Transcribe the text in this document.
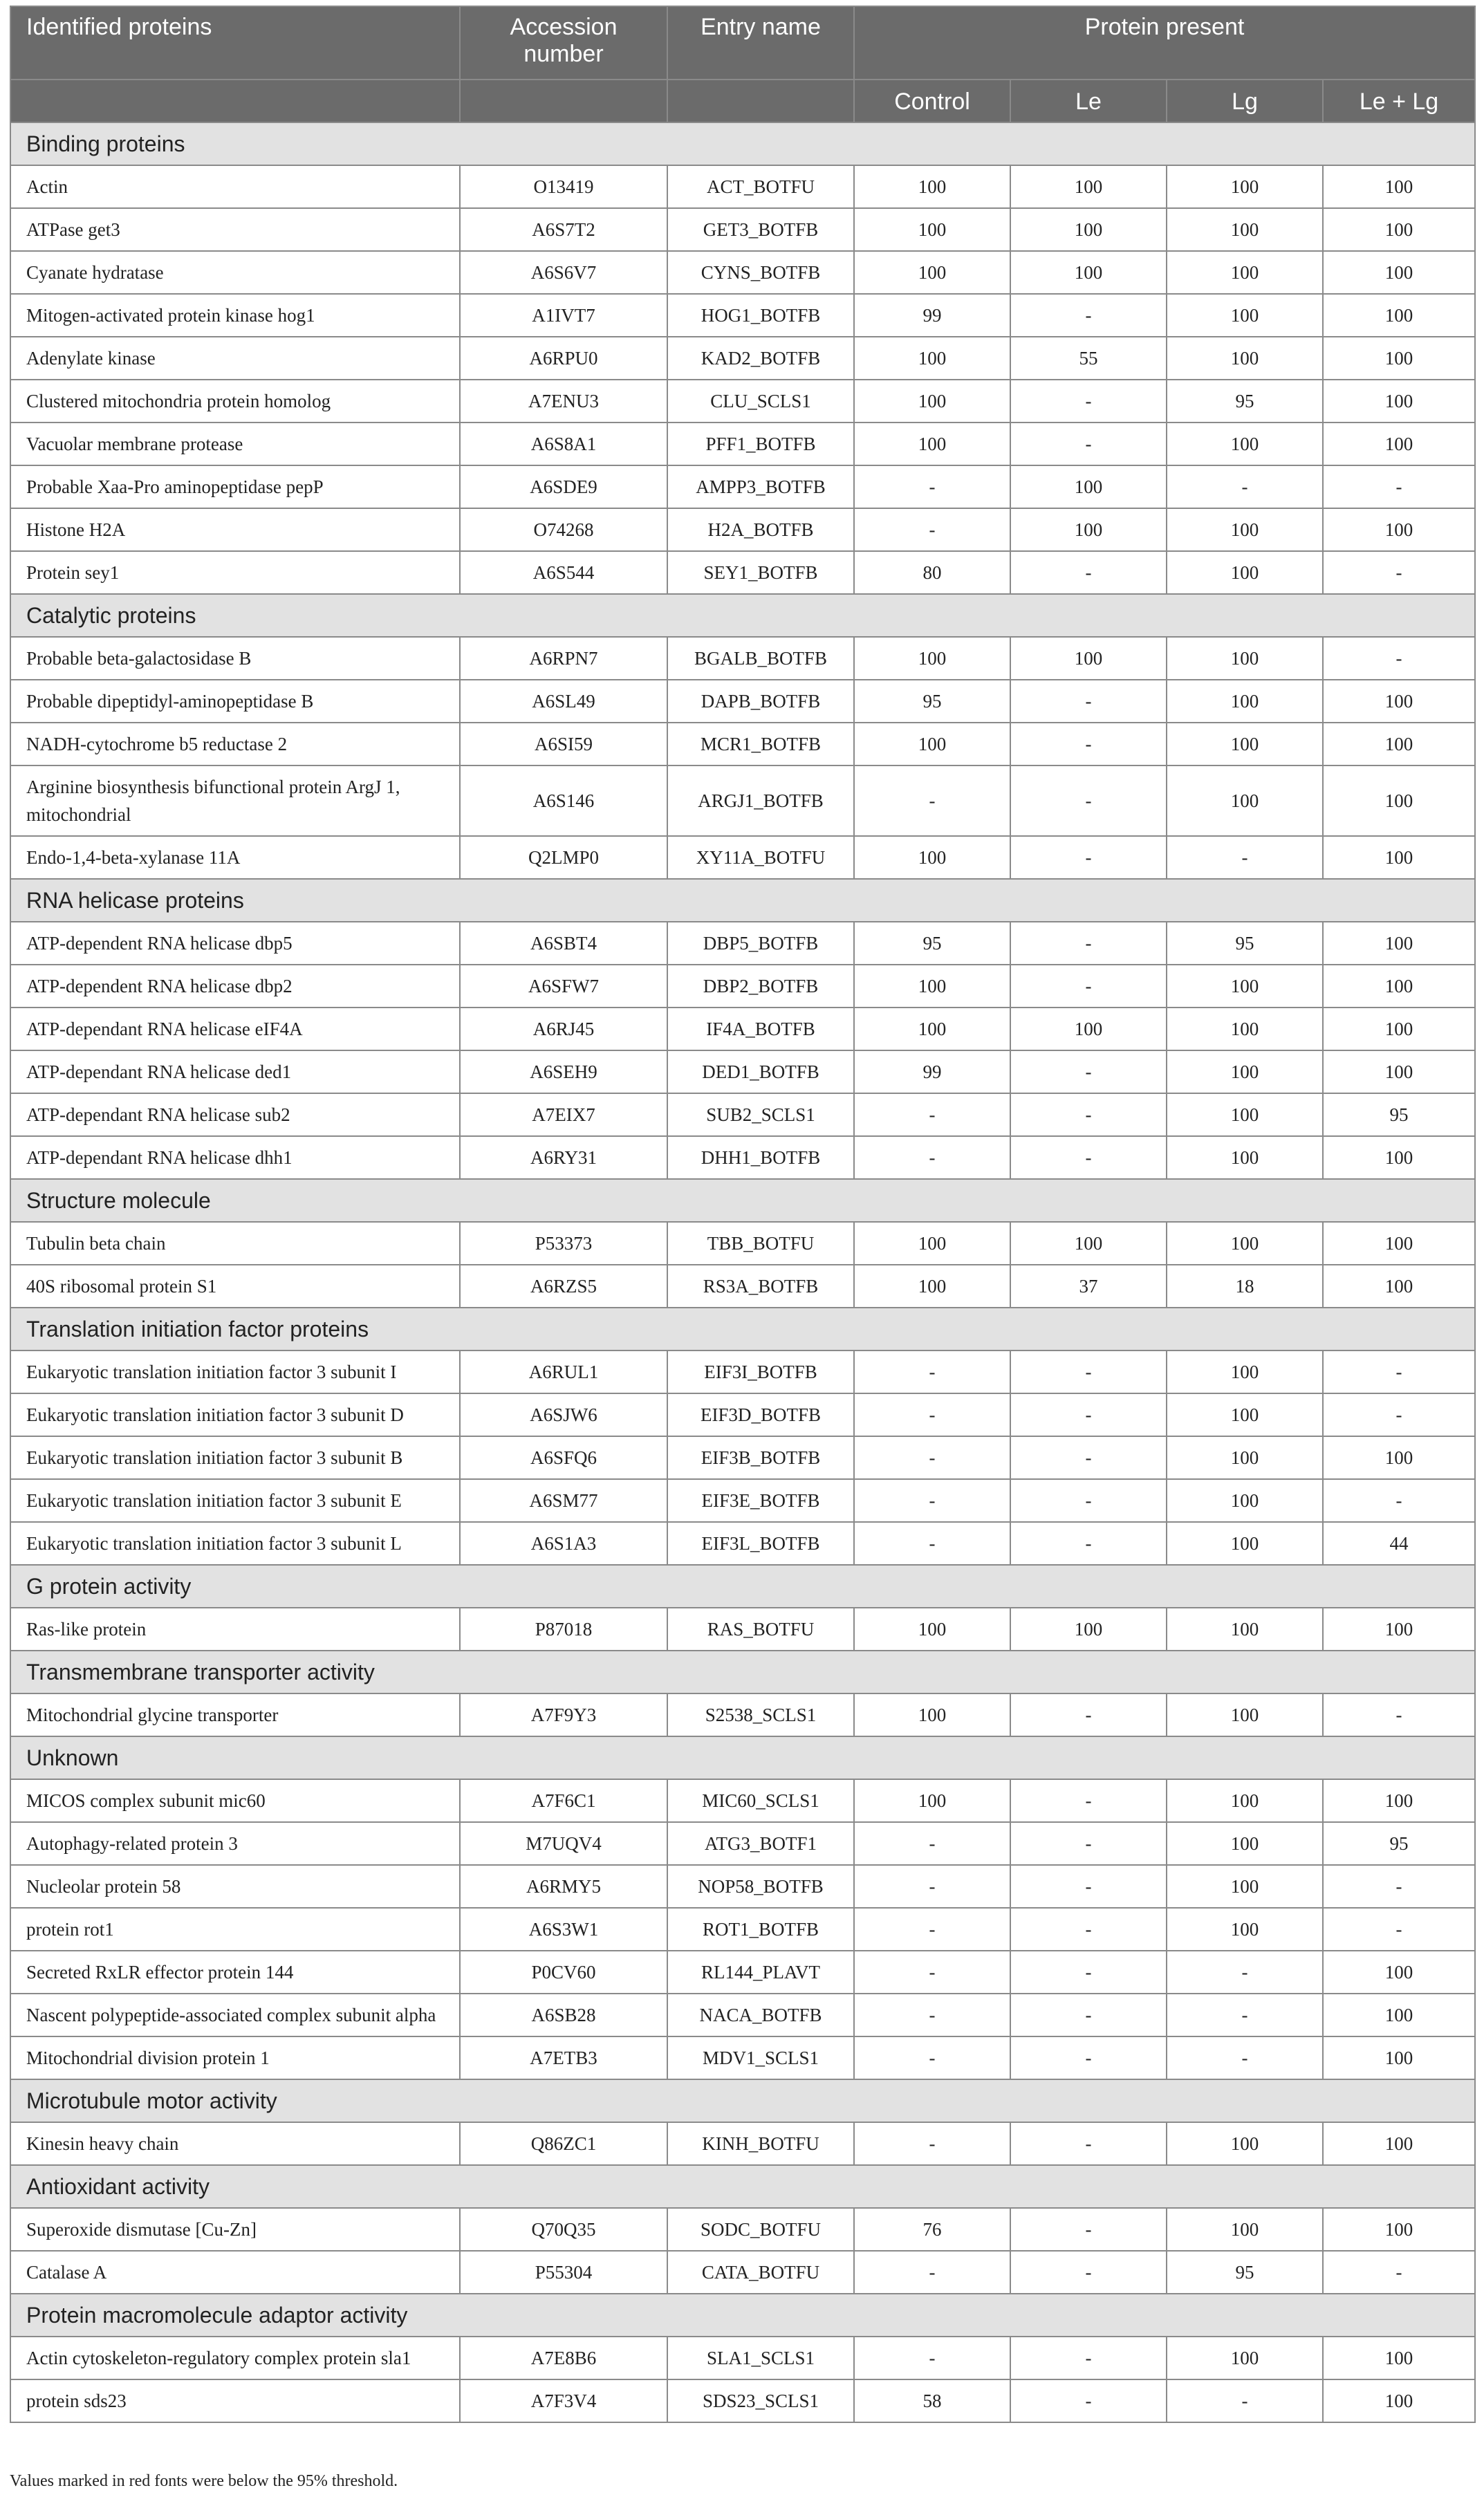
Identified proteins	Accession number	Entry name	Protein present			
			Control	Le	Lg	Le + Lg
Binding proteins						
Actin	O13419	ACT_BOTFU	100	100	100	100
ATPase get3	A6S7T2	GET3_BOTFB	100	100	100	100
Cyanate hydratase	A6S6V7	CYNS_BOTFB	100	100	100	100
Mitogen-activated protein kinase hog1	A1IVT7	HOG1_BOTFB	99	-	100	100
Adenylate kinase	A6RPU0	KAD2_BOTFB	100	55	100	100
Clustered mitochondria protein homolog	A7ENU3	CLU_SCLS1	100	-	95	100
Vacuolar membrane protease	A6S8A1	PFF1_BOTFB	100	-	100	100
Probable Xaa-Pro aminopeptidase pepP	A6SDE9	AMPP3_BOTFB	-	100	-	-
Histone H2A	O74268	H2A_BOTFB	-	100	100	100
Protein sey1	A6S544	SEY1_BOTFB	80	-	100	-
Catalytic proteins						
Probable beta-galactosidase B	A6RPN7	BGALB_BOTFB	100	100	100	-
Probable dipeptidyl-aminopeptidase B	A6SL49	DAPB_BOTFB	95	-	100	100
NADH-cytochrome b5 reductase 2	A6SI59	MCR1_BOTFB	100	-	100	100
Arginine biosynthesis bifunctional protein ArgJ 1, mitochondrial	A6S146	ARGJ1_BOTFB	-	-	100	100
Endo-1,4-beta-xylanase 11A	Q2LMP0	XY11A_BOTFU	100	-	-	100
RNA helicase proteins						
ATP-dependent RNA helicase dbp5	A6SBT4	DBP5_BOTFB	95	-	95	100
ATP-dependent RNA helicase dbp2	A6SFW7	DBP2_BOTFB	100	-	100	100
ATP-dependant RNA helicase eIF4A	A6RJ45	IF4A_BOTFB	100	100	100	100
ATP-dependant RNA helicase ded1	A6SEH9	DED1_BOTFB	99	-	100	100
ATP-dependant RNA helicase sub2	A7EIX7	SUB2_SCLS1	-	-	100	95
ATP-dependant RNA helicase dhh1	A6RY31	DHH1_BOTFB	-	-	100	100
Structure molecule						
Tubulin beta chain	P53373	TBB_BOTFU	100	100	100	100
40S ribosomal protein S1	A6RZS5	RS3A_BOTFB	100	37	18	100
Translation initiation factor proteins						
Eukaryotic translation initiation factor 3 subunit I	A6RUL1	EIF3I_BOTFB	-	-	100	-
Eukaryotic translation initiation factor 3 subunit D	A6SJW6	EIF3D_BOTFB	-	-	100	-
Eukaryotic translation initiation factor 3 subunit B	A6SFQ6	EIF3B_BOTFB	-	-	100	100
Eukaryotic translation initiation factor 3 subunit E	A6SM77	EIF3E_BOTFB	-	-	100	-
Eukaryotic translation initiation factor 3 subunit L	A6S1A3	EIF3L_BOTFB	-	-	100	44
G protein activity						
Ras-like protein	P87018	RAS_BOTFU	100	100	100	100
Transmembrane transporter activity						
Mitochondrial glycine transporter	A7F9Y3	S2538_SCLS1	100	-	100	-
Unknown						
MICOS complex subunit mic60	A7F6C1	MIC60_SCLS1	100	-	100	100
Autophagy-related protein 3	M7UQV4	ATG3_BOTF1	-	-	100	95
Nucleolar protein 58	A6RMY5	NOP58_BOTFB	-	-	100	-
protein rot1	A6S3W1	ROT1_BOTFB	-	-	100	-
Secreted RxLR effector protein 144	P0CV60	RL144_PLAVT	-	-	-	100
Nascent polypeptide-associated complex subunit alpha	A6SB28	NACA_BOTFB	-	-	-	100
Mitochondrial division protein 1	A7ETB3	MDV1_SCLS1	-	-	-	100
Microtubule motor activity						
Kinesin heavy chain	Q86ZC1	KINH_BOTFU	-	-	100	100
Antioxidant activity						
Superoxide dismutase [Cu-Zn]	Q70Q35	SODC_BOTFU	76	-	100	100
Catalase A	P55304	CATA_BOTFU	-	-	95	-
Protein macromolecule adaptor activity						
Actin cytoskeleton-regulatory complex protein sla1	A7E8B6	SLA1_SCLS1	-	-	100	100
protein sds23	A7F3V4	SDS23_SCLS1	58	-	-	100
Values marked in red fonts were below the 95% threshold.
